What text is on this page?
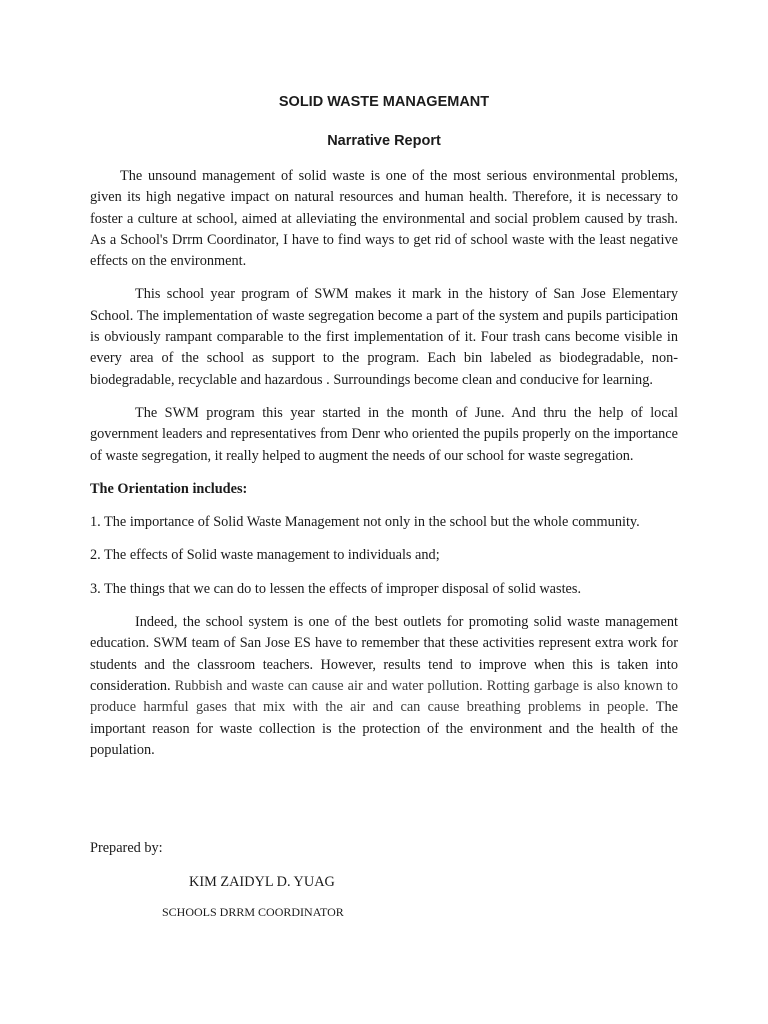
SOLID WASTE MANAGEMANT
Narrative Report

The unsound management of solid waste is one of the most serious environmental problems, given its high negative impact on natural resources and human health. Therefore, it is necessary to foster a culture at school, aimed at alleviating the environmental and social problem caused by trash. As a School's Drrm Coordinator, I have to find ways to get rid of school waste with the least negative effects on the environment.

This school year program of SWM makes it mark in the history of San Jose Elementary School. The implementation of waste segregation become a part of the system and pupils participation is obviously rampant comparable to the first implementation of it. Four trash cans become visible in every area of the school as support to the program. Each bin labeled as biodegradable, non-biodegradable, recyclable and hazardous . Surroundings become clean and conducive for learning.

The SWM program this year started in the month of June. And thru the help of local government leaders and representatives from Denr who oriented the pupils properly on the importance of waste segregation, it really helped to augment the needs of our school for waste segregation.

The Orientation includes:

1. The importance of Solid Waste Management not only in the school but the whole community.

2. The effects of Solid waste management to individuals and;

3. The things that we can do to lessen the effects of improper disposal of solid wastes.

Indeed, the school system is one of the best outlets for promoting solid waste management education. SWM team of San Jose ES have to remember that these activities represent extra work for students and the classroom teachers. However, results tend to improve when this is taken into consideration. Rubbish and waste can cause air and water pollution. Rotting garbage is also known to produce harmful gases that mix with the air and can cause breathing problems in people. The important reason for waste collection is the protection of the environment and the health of the population.

Prepared by:
KIM ZAIDYL D. YUAG
SCHOOLS DRRM COORDINATOR
